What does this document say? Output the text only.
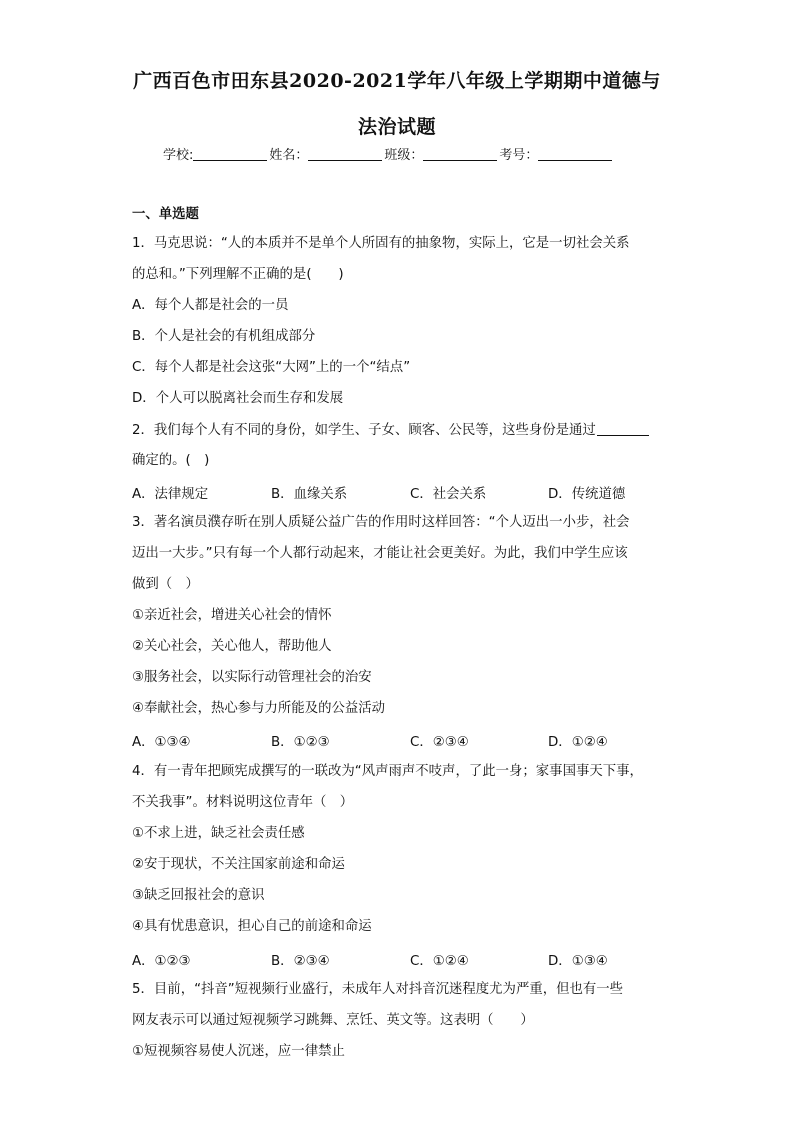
广西百色市田东县2020-2021学年八年级上学期期中道德与
法治试题
学校:	姓名：	班级：	考号：
一、单选题
1．马克思说：“人的本质并不是单个人所固有的抽象物，实际上，它是一切社会关系
的总和。”下列理解不正确的是(　　)
A．每个人都是社会的一员
B．个人是社会的有机组成部分
C．每个人都是社会这张“大网”上的一个“结点”
D．个人可以脱离社会而生存和发展
2．我们每个人有不同的身份，如学生、子女、顾客、公民等，这些身份是通过
确定的。(　)
A．法律规定	B．血缘关系	C．社会关系	D．传统道德
3．著名演员濮存昕在别人质疑公益广告的作用时这样回答：“个人迈出一小步，社会
迈出一大步。”只有每一个人都行动起来，才能让社会更美好。为此，我们中学生应该
做到（　）
①亲近社会，增进关心社会的情怀
②关心社会，关心他人，帮助他人
③服务社会，以实际行动管理社会的治安
④奉献社会，热心参与力所能及的公益活动
A．①③④	B．①②③	C．②③④	D．①②④
4．有一青年把顾宪成撰写的一联改为“风声雨声不吱声，了此一身；家事国事天下事，
不关我事”。材料说明这位青年（　）
①不求上进，缺乏社会责任感
②安于现状，不关注国家前途和命运
③缺乏回报社会的意识
④具有忧患意识，担心自己的前途和命运
A．①②③	B．②③④	C．①②④	D．①③④
5．目前，“抖音”短视频行业盛行，未成年人对抖音沉迷程度尤为严重，但也有一些
网友表示可以通过短视频学习跳舞、烹饪、英文等。这表明（　　）
①短视频容易使人沉迷，应一律禁止
